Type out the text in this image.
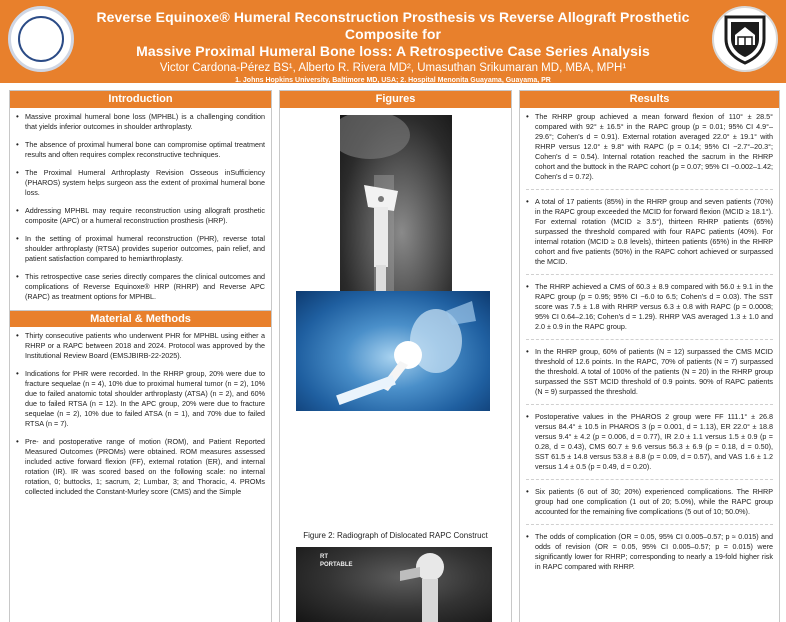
Reverse Equinoxe® Humeral Reconstruction Prosthesis vs Reverse Allograft Prosthetic Composite for
Massive Proximal Humeral Bone loss: A Retrospective Case Series Analysis
Victor Cardona-Pérez BS¹, Alberto R. Rivera MD², Umasuthan Srikumaran MD, MBA, MPH¹
1. Johns Hopkins University, Baltimore MD, USA; 2. Hospital Menonita Guayama, Guayama, PR
Introduction
• Massive proximal humeral bone loss (MPHBL) is a challenging condition that yields inferior outcomes in shoulder arthroplasty.
• The absence of proximal humeral bone can compromise optimal treatment results and often requires complex reconstructive techniques.
• The Proximal Humeral Arthroplasty Revision Osseous inSufficiency (PHAROS) system helps surgeon ass the extent of proximal humeral bone loss.
• Addressing MPHBL may require reconstruction using allograft prosthetic composite (APC) or a humeral reconstruction prosthesis (HRP).
• In the setting of proximal humeral reconstruction (PHR), reverse total shoulder arthroplasty (RTSA) provides superior outcomes, pain relief, and patient satisfaction compared to hemiarthroplasty.
• This retrospective case series directly compares the clinical outcomes and complications of Reverse Equinoxe® HRP (RHRP) and Reverse APC (RAPC) as treatment options for MPHBL.
Material & Methods
• Thirty consecutive patients who underwent PHR for MPHBL using either a RHRP or a RAPC between 2018 and 2024. Protocol was approved by the Institutional Review Board (EMSJBIRB-22-2025).
• Indications for PHR were recorded. In the RHRP group, 20% were due to fracture sequelae (n = 4), 10% due to proximal humeral tumor (n = 2), 10% due to failed anatomic total shoulder arthroplasty (ATSA) (n = 2), and 60% due to failed RTSA (n = 12). In the APC group, 20% were due to fracture sequelae (n = 2), 10% due to failed ATSA (n = 1), and 70% due to failed RTSA (n = 7).
• Pre- and postoperative range of motion (ROM), and Patient Reported Measured Outcomes (PROMs) were obtained. ROM measures assessed included active forward flexion (FF), external rotation (ER), and internal rotation (IR). IR was scored based on the following scale: no internal rotation, 0; buttocks, 1; sacrum, 2; Lumbar, 3; and Thoracic, 4. PROMs collected included the Constant-Murley score (CMS) and the Simple
Figures
Figure 2: Radiograph of Dislocated RAPC Construct
RT
PORTABLE
Results
• The RHRP group achieved a mean forward flexion of 110° ± 28.5° compared with 92° ± 16.5° in the RAPC group (p = 0.01; 95% CI 4.9°–29.6°; Cohen's d = 0.91). External rotation averaged 22.0° ± 19.1° with RHRP versus 12.0° ± 9.8° with RAPC (p = 0.14; 95% CI −2.7°–20.3°; Cohen's d = 0.54). Internal rotation reached the sacrum in the RHRP cohort and the buttock in the RAPC cohort (p = 0.07; 95% CI −0.002–1.42; Cohen's d = 0.72).
• A total of 17 patients (85%) in the RHRP group and seven patients (70%) in the RAPC group exceeded the MCID for forward flexion (MCID ≥ 18.1°). For external rotation (MCID ≥ 3.5°), thirteen RHRP patients (65%) surpassed the threshold compared with four RAPC patients (40%). For internal rotation (MCID ≥ 0.8 levels), thirteen patients (65%) in the RHRP cohort and five patients (50%) in the RAPC cohort achieved or surpassed the MCID.
• The RHRP achieved a CMS of 60.3 ± 8.9 compared with 56.0 ± 9.1 in the RAPC group (p = 0.95; 95% CI −6.0 to 6.5; Cohen's d = 0.03). The SST score was 7.5 ± 1.8 with RHRP versus 6.3 ± 0.8 with RAPC (p = 0.0008; 95% CI 0.64–2.16; Cohen's d = 1.29). RHRP VAS averaged 1.3 ± 1.0 and 2.0 ± 0.9 in the RAPC group.
• In the RHRP group, 60% of patients (N = 12) surpassed the CMS MCID threshold of 12.6 points. In the RAPC, 70% of patients (N = 7) surpassed the threshold. A total of 100% of the patients (N = 20) in the RHRP group surpassed the SST MCID threshold of 0.9 points. 90% of RAPC patients (N = 9) surpassed the threshold.
• Postoperative values in the PHAROS 2 group were FF 111.1° ± 26.8 versus 84.4° ± 10.5 in PHAROS 3 (p = 0.001, d = 1.13), ER 22.0° ± 18.8 versus 9.4° ± 4.2 (p = 0.006, d = 0.77), IR 2.0 ± 1.1 versus 1.5 ± 0.9 (p = 0.28, d = 0.43), CMS 60.7 ± 9.6 versus 56.3 ± 6.9 (p = 0.18, d = 0.50), SST 61.5 ± 14.8 versus 53.8 ± 8.8 (p = 0.09, d = 0.57), and VAS 1.6 ± 1.2 versus 1.4 ± 0.5 (p = 0.49, d = 0.20).
• Six patients (6 out of 30; 20%) experienced complications. The RHRP group had one complication (1 out of 20; 5.0%), while the RAPC group accounted for the remaining five complications (5 out of 10; 50.0%).
• The odds of complication (OR = 0.05, 95% CI 0.005–0.57; p ≈ 0.015) and odds of revision (OR = 0.05, 95% CI 0.005–0.57; p = 0.015) were significantly lower for RHRP; corresponding to nearly a 19-fold higher risk in RAPC compared with RHRP.
